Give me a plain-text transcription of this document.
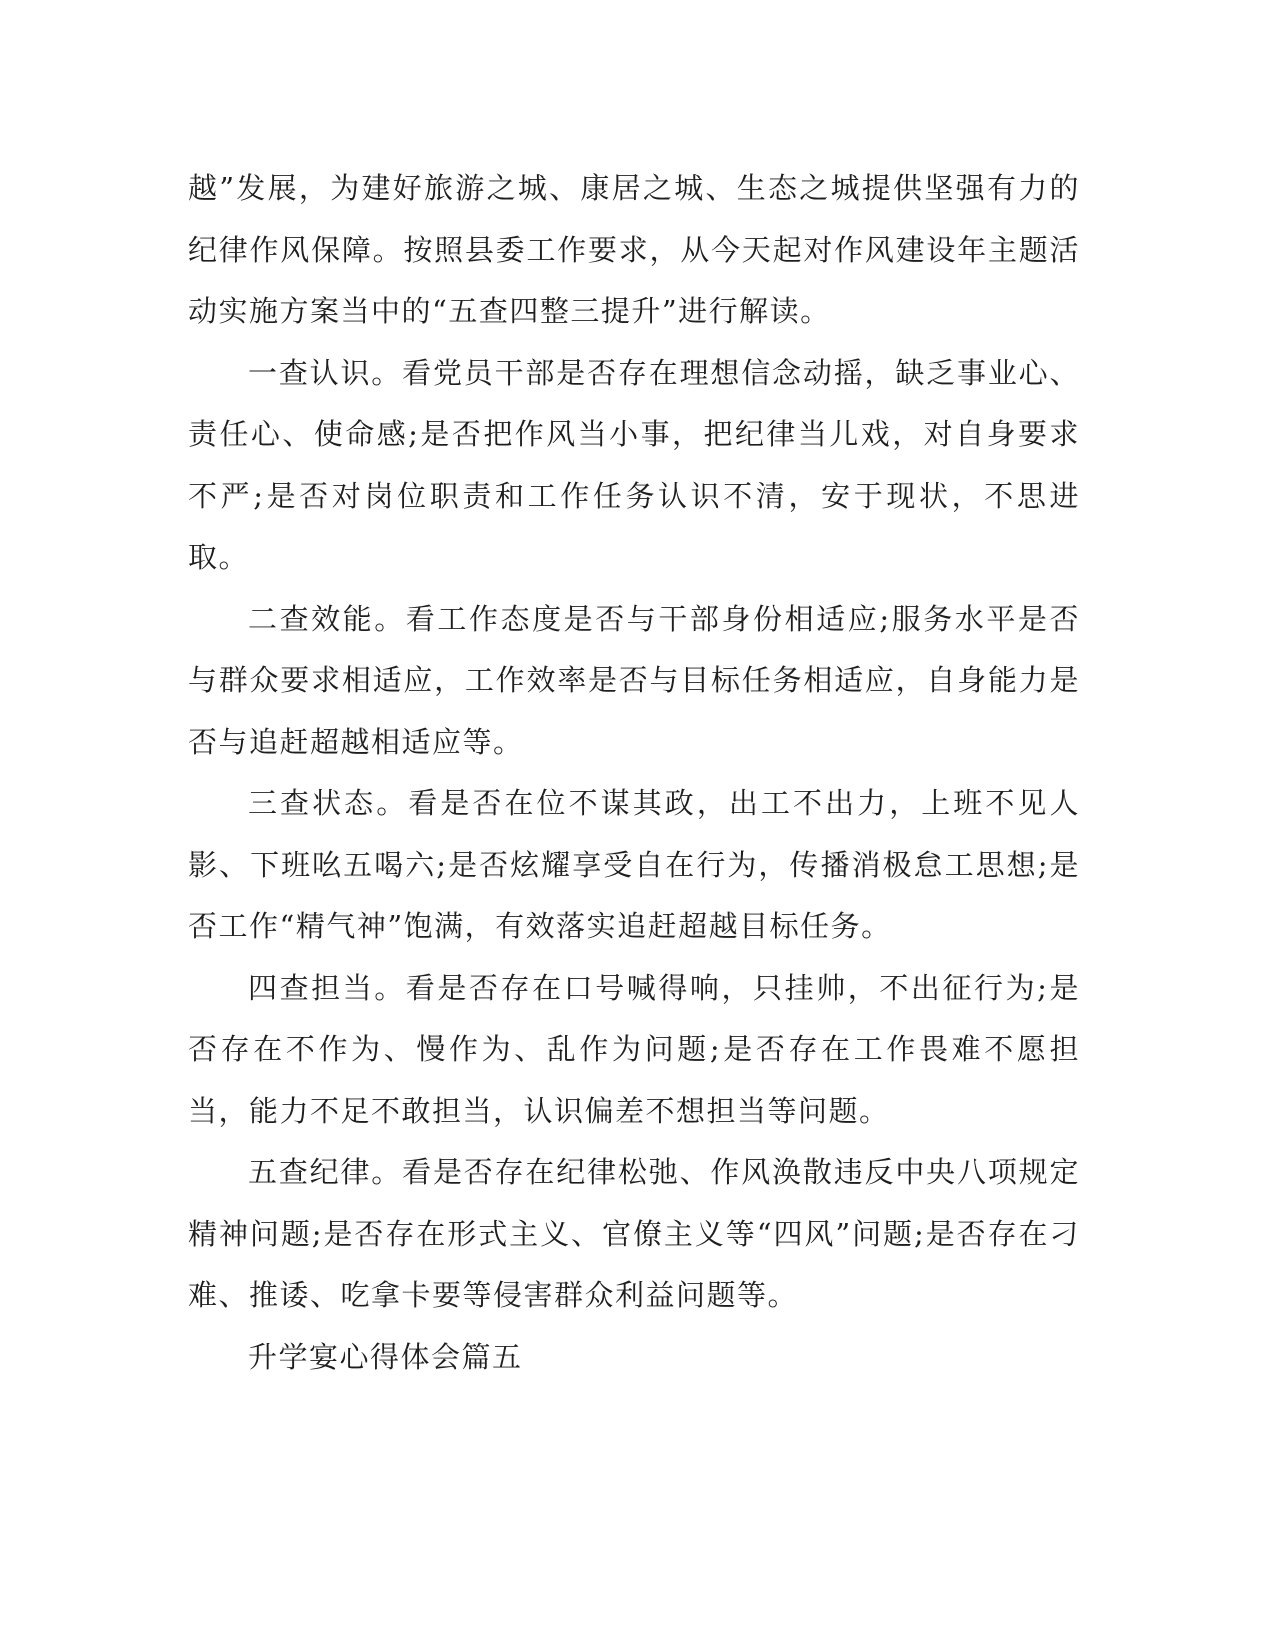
越”发展，为建好旅游之城、康居之城、生态之城提供坚强有力的纪律作风保障。按照县委工作要求，从今天起对作风建设年主题活动实施方案当中的“五查四整三提升”进行解读。

一查认识。看党员干部是否存在理想信念动摇，缺乏事业心、责任心、使命感;是否把作风当小事，把纪律当儿戏，对自身要求不严;是否对岗位职责和工作任务认识不清，安于现状，不思进取。

二查效能。看工作态度是否与干部身份相适应;服务水平是否与群众要求相适应，工作效率是否与目标任务相适应，自身能力是否与追赶超越相适应等。

三查状态。看是否在位不谋其政，出工不出力，上班不见人影、下班吆五喝六;是否炫耀享受自在行为，传播消极怠工思想;是否工作“精气神”饱满，有效落实追赶超越目标任务。

四查担当。看是否存在口号喊得响，只挂帅，不出征行为;是否存在不作为、慢作为、乱作为问题;是否存在工作畏难不愿担当，能力不足不敢担当，认识偏差不想担当等问题。

五查纪律。看是否存在纪律松弛、作风涣散违反中央八项规定精神问题;是否存在形式主义、官僚主义等“四风”问题;是否存在刁难、推诿、吃拿卡要等侵害群众利益问题等。

升学宴心得体会篇五
